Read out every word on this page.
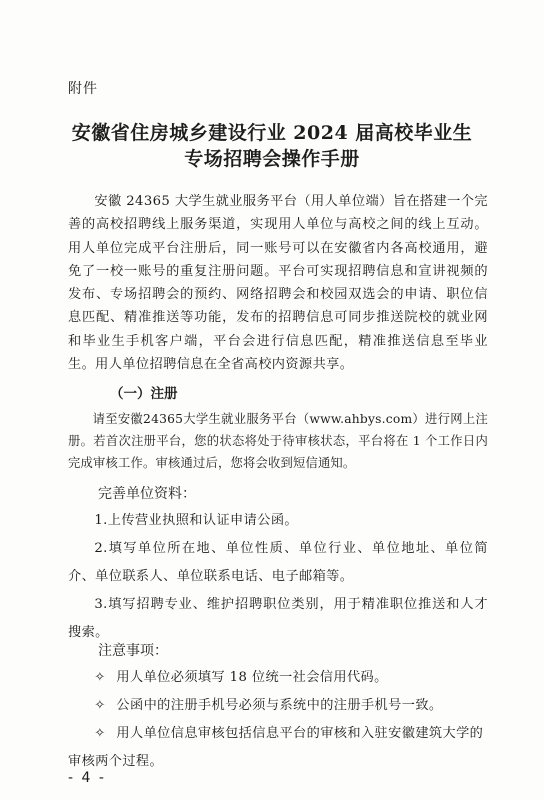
附件
安徽省住房城乡建设行业 2024 届高校毕业生
专场招聘会操作手册

安徽 24365 大学生就业服务平台（用人单位端）旨在搭建一个完善的高校招聘线上服务渠道，实现用人单位与高校之间的线上互动。用人单位完成平台注册后，同一账号可以在安徽省内各高校通用，避免了一校一账号的重复注册问题。平台可实现招聘信息和宣讲视频的发布、专场招聘会的预约、网络招聘会和校园双选会的申请、职位信息匹配、精准推送等功能，发布的招聘信息可同步推送院校的就业网和毕业生手机客户端，平台会进行信息匹配，精准推送信息至毕业生。用人单位招聘信息在全省高校内资源共享。

（一）注册

请至安徽24365大学生就业服务平台（www.ahbys.com）进行网上注册。若首次注册平台，您的状态将处于待审核状态，平台将在 1 个工作日内完成审核工作。审核通过后，您将会收到短信通知。

完善单位资料：

1.上传营业执照和认证申请公函。

2.填写单位所在地、单位性质、单位行业、单位地址、单位简介、单位联系人、单位联系电话、电子邮箱等。

3.填写招聘专业、维护招聘职位类别，用于精准职位推送和人才搜索。

注意事项：

✧ 用人单位必须填写 18 位统一社会信用代码。

✧ 公函中的注册手机号必须与系统中的注册手机号一致。

✧ 用人单位信息审核包括信息平台的审核和入驻安徽建筑大学的审核两个过程。

- 4 -
